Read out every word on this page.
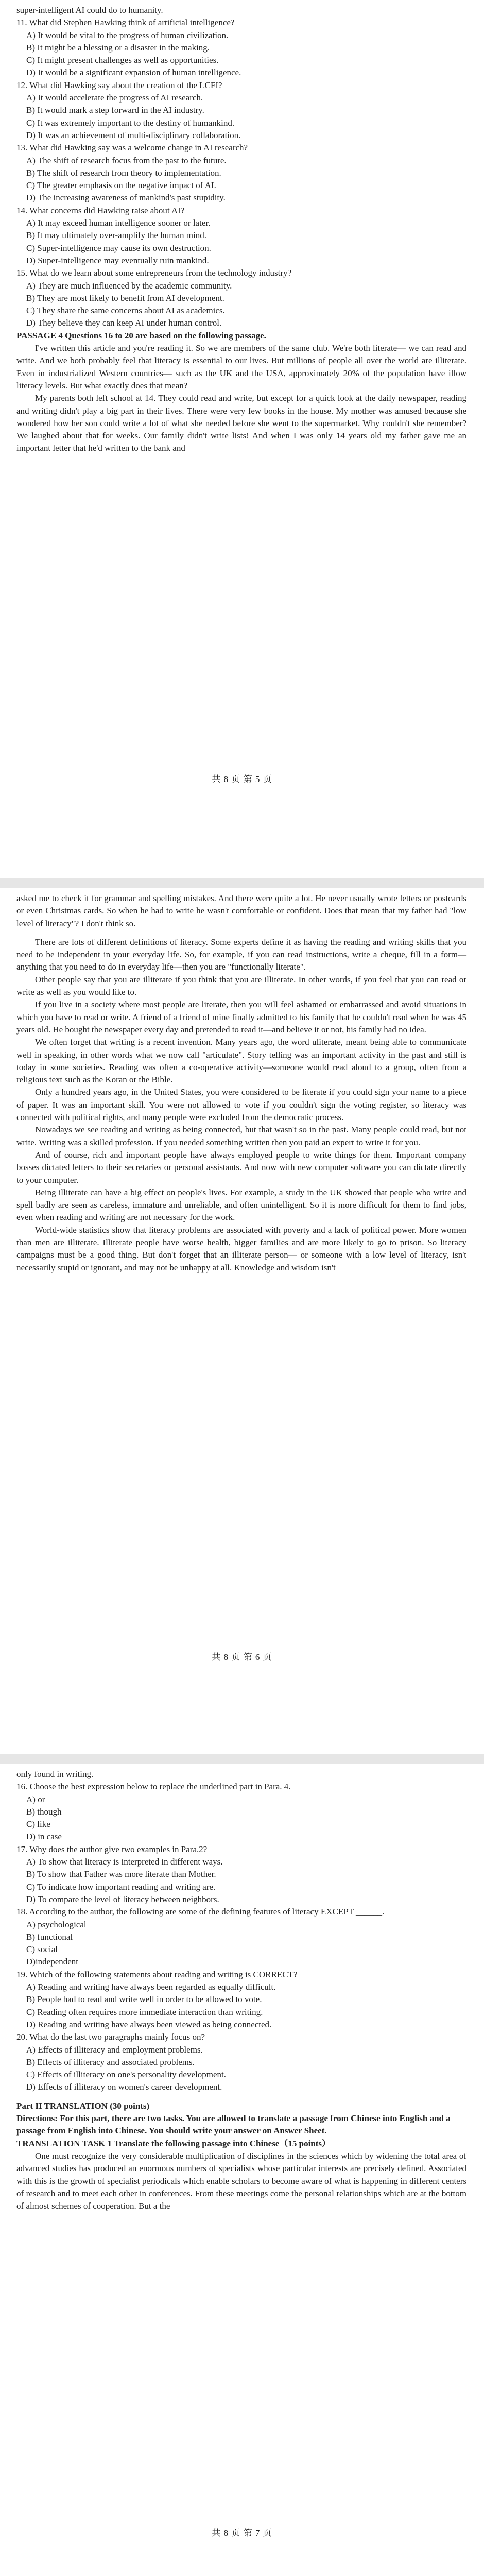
super-intelligent AI could do to humanity.
11. What did Stephen Hawking think of artificial intelligence?
A) It would be vital to the progress of human civilization.
B) It might be a blessing or a disaster in the making.
C) It might present challenges as well as opportunities.
D) It would be a significant expansion of human intelligence.
12. What did Hawking say about the creation of the LCFI?
A) It would accelerate the progress of AI research.
B) It would mark a step forward in the AI industry.
C) It was extremely important to the destiny of humankind.
D) It was an achievement of multi-disciplinary collaboration.
13. What did Hawking say was a welcome change in AI research?
A) The shift of research focus from the past to the future.
B) The shift of research from theory to implementation.
C) The greater emphasis on the negative impact of AI.
D) The increasing awareness of mankind's past stupidity.
14. What concerns did Hawking raise about AI?
A) It may exceed human intelligence sooner or later.
B) It may ultimately over-amplify the human mind.
C) Super-intelligence may cause its own destruction.
D) Super-intelligence may eventually ruin mankind.
15. What do we learn about some entrepreneurs from the technology industry?
A) They are much influenced by the academic community.
B) They are most likely to benefit from AI development.
C) They share the same concerns about AI as academics.
D) They believe they can keep AI under human control.
PASSAGE 4 Questions 16 to 20 are based on the following passage.
I've written this article and you're reading it. So we are members of the same club. We're both literate— we can read and write. And we both probably feel that literacy is essential to our lives. But millions of people all over the world are illiterate. Even in industrialized Western countries— such as the UK and the USA, approximately 20% of the population have illow literacy levels. But what exactly does that mean?
My parents both left school at 14. They could read and write, but except for a quick look at the daily newspaper, reading and writing didn't play a big part in their lives. There were very few books in the house. My mother was amused because she wondered how her son could write a lot of what she needed before she went to the supermarket. Why couldn't she remember? We laughed about that for weeks. Our family didn't write lists! And when I was only 14 years old my father gave me an important letter that he'd written to the bank and
共 8 页 第 5 页
asked me to check it for grammar and spelling mistakes. And there were quite a lot. He never usually wrote letters or postcards or even Christmas cards. So when he had to write he wasn't comfortable or confident. Does that mean that my father had "low level of literacy"? I don't think so.
There are lots of different definitions of literacy. Some experts define it as having the reading and writing skills that you need to be independent in your everyday life. So, for example, if you can read instructions, write a cheque, fill in a form—anything that you need to do in everyday life—then you are "functionally literate".
Other people say that you are illiterate if you think that you are illiterate. In other words, if you feel that you can read or write as well as you would like to.
If you live in a society where most people are literate, then you will feel ashamed or embarrassed and avoid situations in which you have to read or write. A friend of a friend of mine finally admitted to his family that he couldn't read when he was 45 years old. He bought the newspaper every day and pretended to read it—and believe it or not, his family had no idea.
We often forget that writing is a recent invention. Many years ago, the word uliterate, meant being able to communicate well in speaking, in other words what we now call "articulate". Story telling was an important activity in the past and still is today in some societies. Reading was often a co-operative activity—someone would read aloud to a group, often from a religious text such as the Koran or the Bible.
Only a hundred years ago, in the United States, you were considered to be literate if you could sign your name to a piece of paper. It was an important skill. You were not allowed to vote if you couldn't sign the voting register, so literacy was connected with political rights, and many people were excluded from the democratic process.
Nowadays we see reading and writing as being connected, but that wasn't so in the past. Many people could read, but not write. Writing was a skilled profession. If you needed something written then you paid an expert to write it for you.
And of course, rich and important people have always employed people to write things for them. Important company bosses dictated letters to their secretaries or personal assistants. And now with new computer software you can dictate directly to your computer.
Being illiterate can have a big effect on people's lives. For example, a study in the UK showed that people who write and spell badly are seen as careless, immature and unreliable, and often unintelligent. So it is more difficult for them to find jobs, even when reading and writing are not necessary for the work.
World-wide statistics show that literacy problems are associated with poverty and a lack of political power. More women than men are illiterate. Illiterate people have worse health, bigger families and are more likely to go to prison. So literacy campaigns must be a good thing. But don't forget that an illiterate person— or someone with a low level of literacy, isn't necessarily stupid or ignorant, and may not be unhappy at all. Knowledge and wisdom isn't
共 8 页 第 6 页
only found in writing.
16. Choose the best expression below to replace the underlined part in Para. 4.
A) or
B) though
C) like
D) in case
17. Why does the author give two examples in Para.2?
A) To show that literacy is interpreted in different ways.
B) To show that Father was more literate than Mother.
C) To indicate how important reading and writing are.
D) To compare the level of literacy between neighbors.
18. According to the author, the following are some of the defining features of literacy EXCEPT ______.
A) psychological
B) functional
C) social
D)independent
19. Which of the following statements about reading and writing is CORRECT?
A) Reading and writing have always been regarded as equally difficult.
B) People had to read and write well in order to be allowed to vote.
C) Reading often requires more immediate interaction than writing.
D) Reading and writing have always been viewed as being connected.
20. What do the last two paragraphs mainly focus on?
A) Effects of illiteracy and employment problems.
B) Effects of illiteracy and associated problems.
C) Effects of illiteracy on one's personality development.
D) Effects of illiteracy on women's career development.
Part II TRANSLATION (30 points)
Directions: For this part, there are two tasks. You are allowed to translate a passage from Chinese into English and a passage from English into Chinese. You should write your answer on Answer Sheet.
TRANSLATION TASK 1 Translate the following passage into Chinese（15 points）
One must recognize the very considerable multiplication of disciplines in the sciences which by widening the total area of advanced studies has produced an enormous numbers of specialists whose particular interests are precisely defined. Associated with this is the growth of specialist periodicals which enable scholars to become aware of what is happening in different centers of research and to meet each other in conferences. From these meetings come the personal relationships which are at the bottom of almost schemes of cooperation. But a the
共 8 页 第 7 页
